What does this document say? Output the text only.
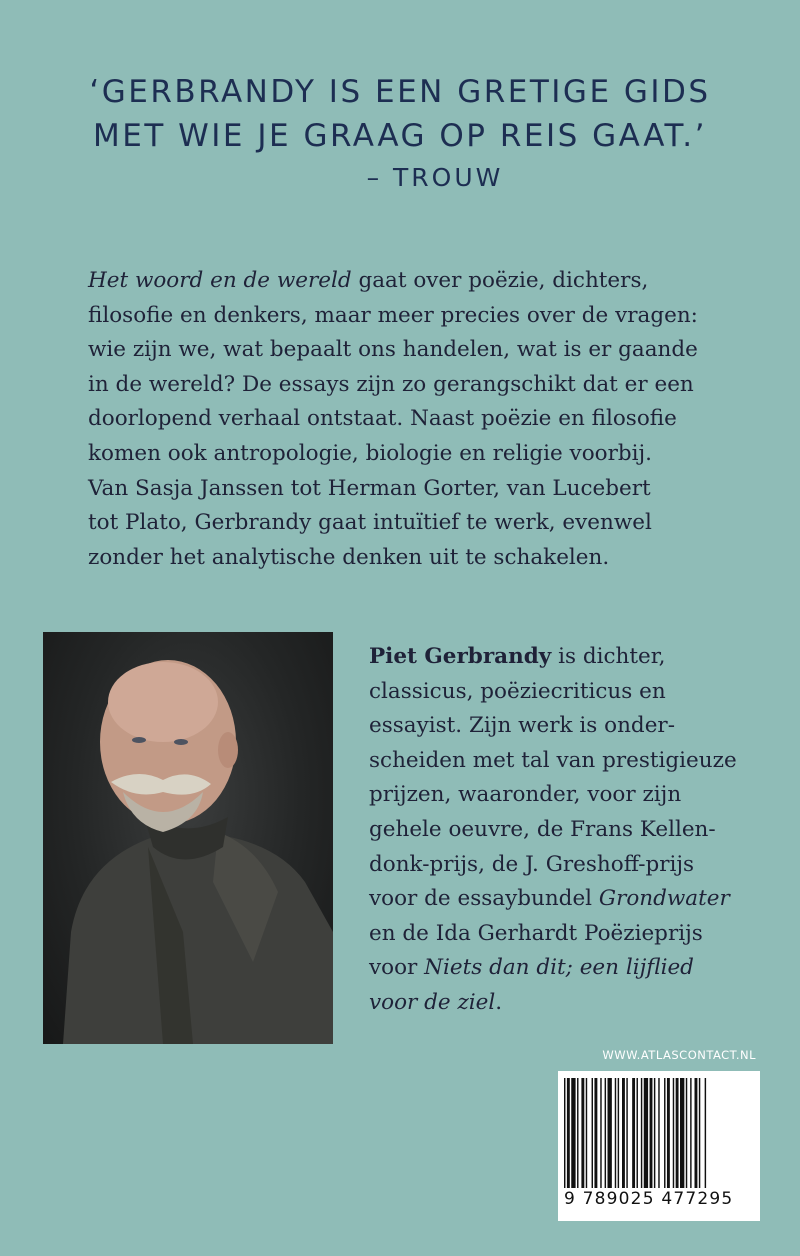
‘GERBRANDY IS EEN GRETIGE GIDS
MET WIE JE GRAAG OP REIS GAAT.’
– TROUW
Het woord en de wereld gaat over poëzie, dichters,
filosofie en denkers, maar meer precies over de vragen:
wie zijn we, wat bepaalt ons handelen, wat is er gaande
in de wereld? De essays zijn zo gerangschikt dat er een
doorlopend verhaal ontstaat. Naast poëzie en filosofie
komen ook antropologie, biologie en religie voorbij.
Van Sasja Janssen tot Herman Gorter, van Lucebert
tot Plato, Gerbrandy gaat intuïtief te werk, evenwel
zonder het analytische denken uit te schakelen.
Piet Gerbrandy is dichter,
classicus, poëziecriticus en
essayist. Zijn werk is onder-
scheiden met tal van prestigieuze
prijzen, waaronder, voor zijn
gehele oeuvre, de Frans Kellen-
donk-prijs, de J. Greshoff-prijs
voor de essaybundel Grondwater
en de Ida Gerhardt Poëzieprijs
voor Niets dan dit; een lijflied
voor de ziel.
WWW.ATLASCONTACT.NL
9 789025 477295
